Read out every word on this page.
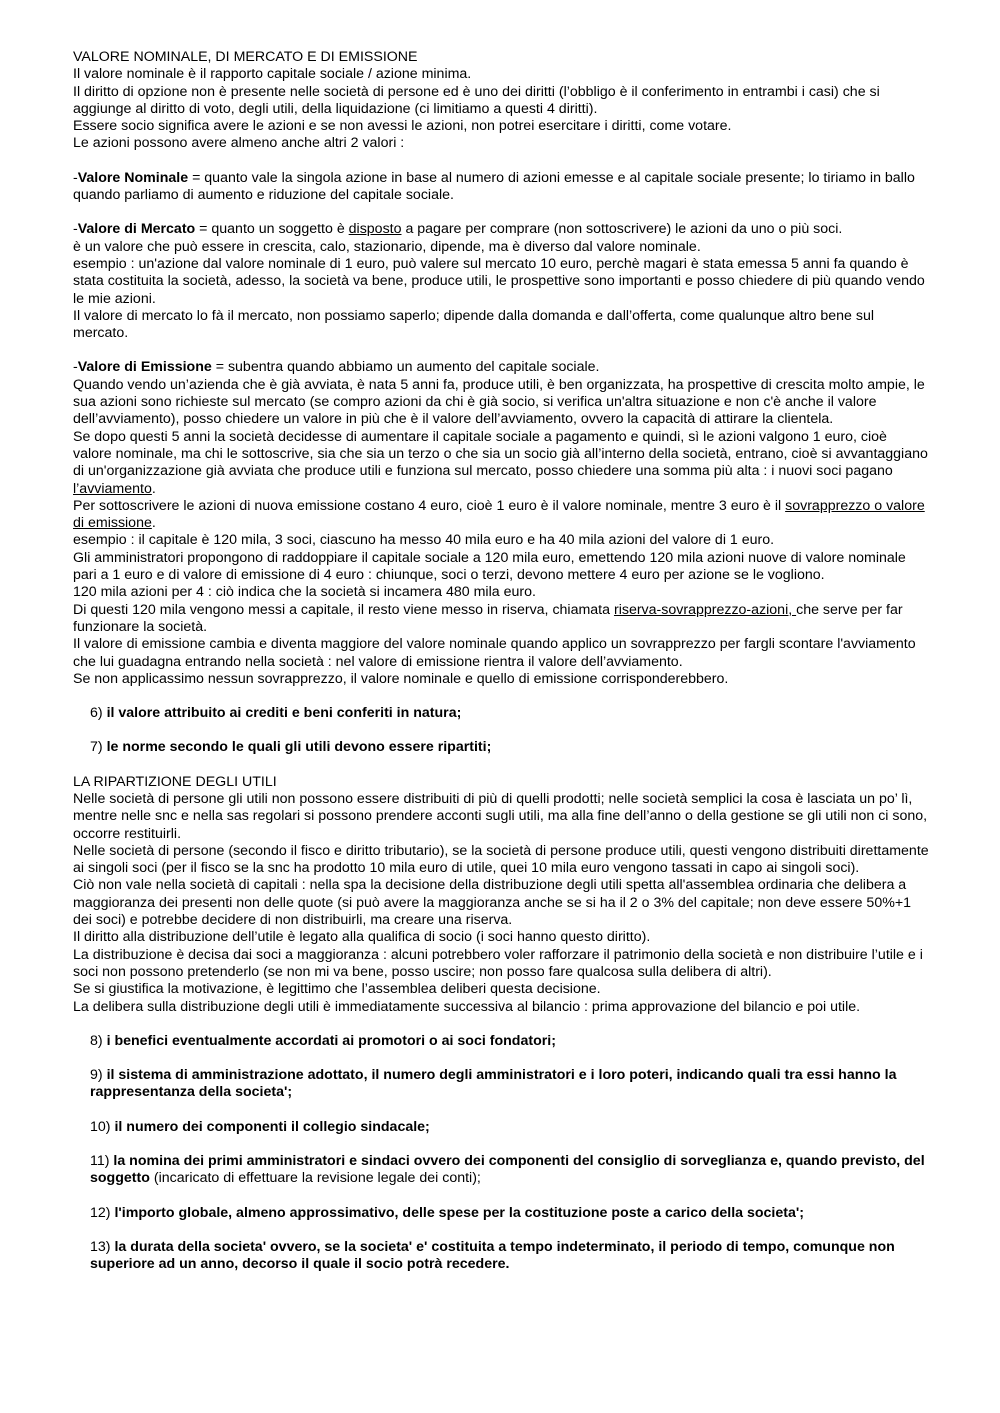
VALORE NOMINALE, DI MERCATO E DI EMISSIONE

Il valore nominale è il rapporto capitale sociale / azione minima.

Il diritto di opzione non è presente nelle società di persone ed è uno dei diritti (l’obbligo è il conferimento in entrambi i casi) che si aggiunge al diritto di voto, degli utili, della liquidazione (ci limitiamo a questi 4 diritti).

Essere socio significa avere le azioni e se non avessi le azioni, non potrei esercitare i diritti, come votare.

Le azioni possono avere almeno anche altri 2 valori :

-Valore Nominale = quanto vale la singola azione in base al numero di azioni emesse e al capitale sociale presente; lo tiriamo in ballo quando parliamo di aumento e riduzione del capitale sociale.

-Valore di Mercato = quanto un soggetto è disposto a pagare per comprare (non sottoscrivere) le azioni da uno o più soci.

è un valore che può essere in crescita, calo, stazionario, dipende, ma è diverso dal valore nominale.

esempio : un'azione dal valore nominale di 1 euro, può valere sul mercato 10 euro, perchè magari è stata emessa 5 anni fa quando è stata costituita la società, adesso, la società va bene, produce utili, le prospettive sono importanti e posso chiedere di più quando vendo le mie azioni.

Il valore di mercato lo fà il mercato, non possiamo saperlo; dipende dalla domanda e dall’offerta, come qualunque altro bene sul mercato.

-Valore di Emissione = subentra quando abbiamo un aumento del capitale sociale.

Quando vendo un’azienda che è già avviata, è nata 5 anni fa, produce utili, è ben organizzata, ha prospettive di crescita molto ampie, le sua azioni sono richieste sul mercato (se compro azioni da chi è già socio, si verifica un'altra situazione e non c'è anche il valore dell’avviamento), posso chiedere un valore in più che è il valore dell’avviamento, ovvero la capacità di attirare la clientela.

Se dopo questi 5 anni la società decidesse di aumentare il capitale sociale a pagamento e quindi, sì le azioni valgono 1 euro, cioè valore nominale, ma chi le sottoscrive, sia che sia un terzo o che sia un socio già all’interno della società, entrano, cioè si avvantaggiano di un'organizzazione già avviata che produce utili e funziona sul mercato, posso chiedere una somma più alta : i nuovi soci pagano l’avviamento.

Per sottoscrivere le azioni di nuova emissione costano 4 euro, cioè 1 euro è il valore nominale, mentre 3 euro è il sovrapprezzo o valore di emissione.

esempio : il capitale è 120 mila, 3 soci, ciascuno ha messo 40 mila euro e ha 40 mila azioni del valore di 1 euro.

Gli amministratori propongono di raddoppiare il capitale sociale a 120 mila euro, emettendo 120 mila azioni nuove di valore nominale pari a 1 euro e di valore di emissione di 4 euro : chiunque, soci o terzi, devono mettere 4 euro per azione se le vogliono.

120 mila azioni per 4 : ciò indica che la società si incamera 480 mila euro.

Di questi 120 mila vengono messi a capitale, il resto viene messo in riserva, chiamata riserva-sovrapprezzo-azioni, che serve per far funzionare la società.

Il valore di emissione cambia e diventa maggiore del valore nominale quando applico un sovrapprezzo per fargli scontare l'avviamento che lui guadagna entrando nella società : nel valore di emissione rientra il valore dell’avviamento.

Se non applicassimo nessun sovrapprezzo, il valore nominale e quello di emissione corrisponderebbero.

6) il valore attribuito ai crediti e beni conferiti in natura;

7) le norme secondo le quali gli utili devono essere ripartiti;

LA RIPARTIZIONE DEGLI UTILI

Nelle società di persone gli utili non possono essere distribuiti di più di quelli prodotti; nelle società semplici la cosa è lasciata un po’ lì, mentre nelle snc e nella sas regolari si possono prendere acconti sugli utili, ma alla fine dell’anno o della gestione se gli utili non ci sono, occorre restituirli.

Nelle società di persone (secondo il fisco e diritto tributario), se la società di persone produce utili, questi vengono distribuiti direttamente ai singoli soci (per il fisco se la snc ha prodotto 10 mila euro di utile, quei 10 mila euro vengono tassati in capo ai singoli soci).

Ciò non vale nella società di capitali : nella spa la decisione della distribuzione degli utili spetta all'assemblea ordinaria che delibera a maggioranza dei presenti non delle quote (si può avere la maggioranza anche se si ha il 2 o 3% del capitale; non deve essere 50%+1 dei soci) e potrebbe decidere di non distribuirli, ma creare una riserva.

Il diritto alla distribuzione dell’utile è legato alla qualifica di socio (i soci hanno questo diritto).

La distribuzione è decisa dai soci a maggioranza : alcuni potrebbero voler rafforzare il patrimonio della società e non distribuire l’utile e i soci non possono pretenderlo (se non mi va bene, posso uscire; non posso fare qualcosa sulla delibera di altri).

Se si giustifica la motivazione, è legittimo che l’assemblea deliberi questa decisione.

La delibera sulla distribuzione degli utili è immediatamente successiva al bilancio : prima approvazione del bilancio e poi utile.

8) i benefici eventualmente accordati ai promotori o ai soci fondatori;

9) il sistema di amministrazione adottato, il numero degli amministratori e i loro poteri, indicando quali tra essi hanno la rappresentanza della societa';

10) il numero dei componenti il collegio sindacale;

11) la nomina dei primi amministratori e sindaci ovvero dei componenti del consiglio di sorveglianza e, quando previsto, del soggetto (incaricato di effettuare la revisione legale dei conti);

12) l'importo globale, almeno approssimativo, delle spese per la costituzione poste a carico della societa';

13) la durata della societa' ovvero, se la societa' e' costituita a tempo indeterminato, il periodo di tempo, comunque non superiore ad un anno, decorso il quale il socio potrà recedere.
